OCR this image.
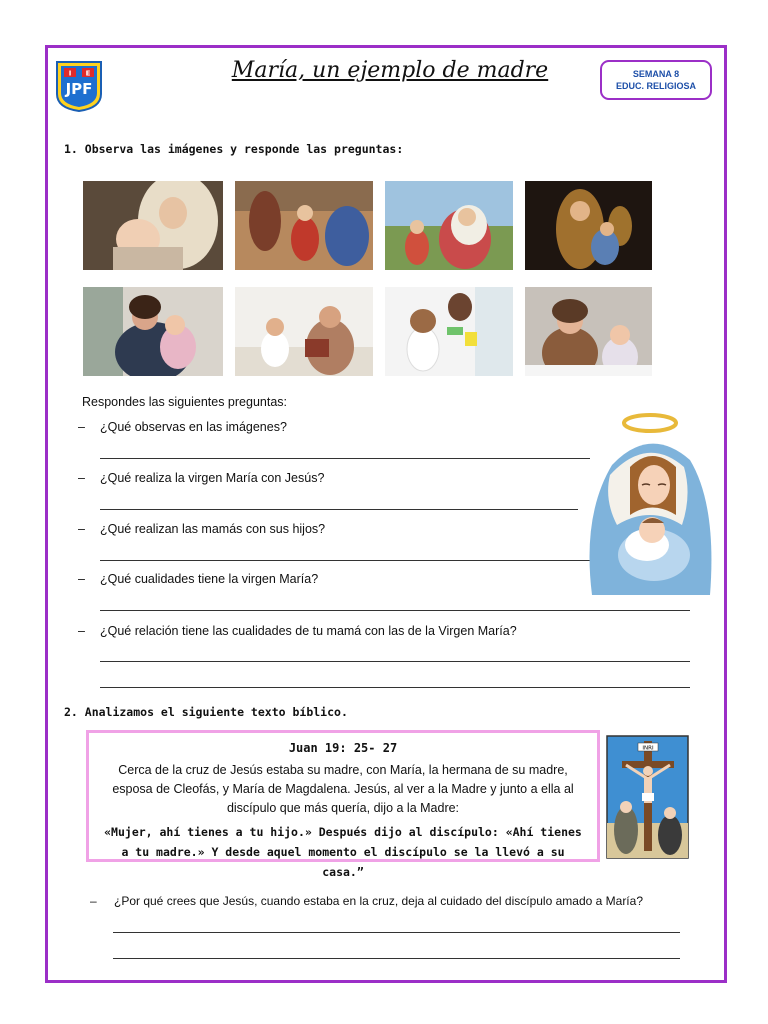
I E
JPF
María, un ejemplo de madre	SEMANA 8
EDUC. RELIGIOSA
1. Observa las imágenes y responde las preguntas:
Respondes las siguientes preguntas:
– ¿Qué observas en las imágenes?
– ¿Qué realiza la virgen María con Jesús?
– ¿Qué realizan las mamás con sus hijos?
– ¿Qué cualidades tiene la virgen María?
– ¿Qué relación tiene las cualidades de tu mamá con las de la Virgen María?
2. Analizamos el siguiente texto bíblico.
Juan 19: 25- 27
Cerca de la cruz de Jesús estaba su madre, con María, la hermana de su madre, esposa de Cleofás, y María de Magdalena. Jesús, al ver a la Madre y junto a ella al discípulo que más quería, dijo a la Madre:
«Mujer, ahí tienes a tu hijo.» Después dijo al discípulo: «Ahí tienes a tu madre.» Y desde aquel momento el discípulo se la llevó a su casa.”
INRI
– ¿Por qué crees que Jesús, cuando estaba en la cruz, deja al cuidado del discípulo amado a María?
